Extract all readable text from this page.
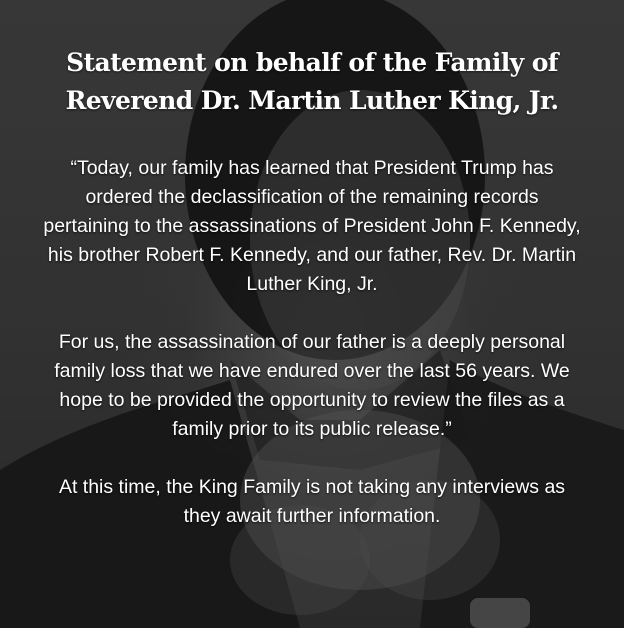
Statement on behalf of the Family of
Reverend Dr. Martin Luther King, Jr.

“Today, our family has learned that President Trump has ordered the declassification of the remaining records pertaining to the assassinations of President John F. Kennedy, his brother Robert F. Kennedy, and our father, Rev. Dr. Martin Luther King, Jr.

For us, the assassination of our father is a deeply personal family loss that we have endured over the last 56 years. We hope to be provided the opportunity to review the files as a family prior to its public release.”

At this time, the King Family is not taking any interviews as they await further information.
